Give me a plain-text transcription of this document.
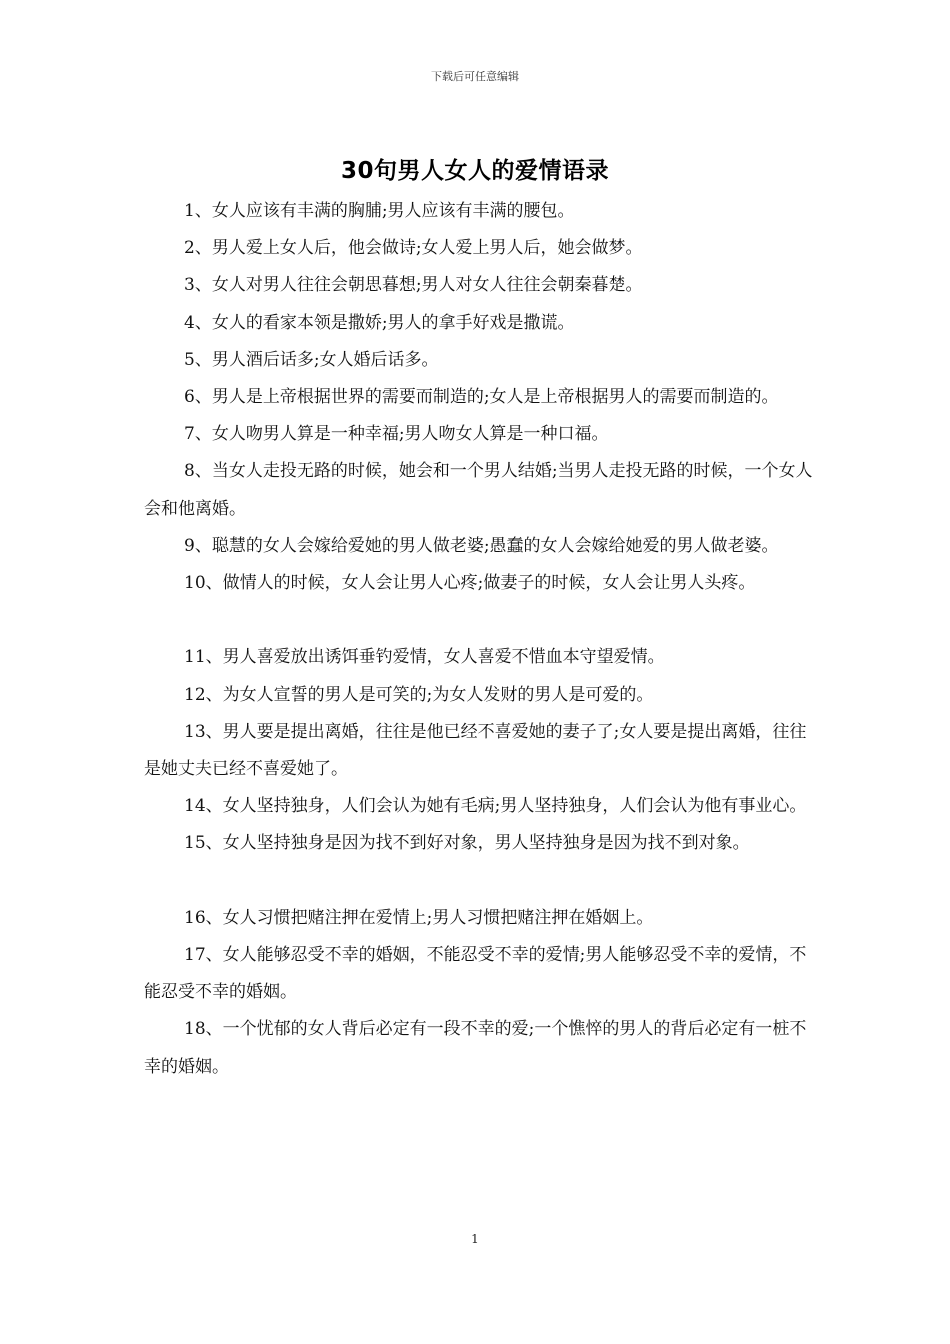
下载后可任意编辑
30句男人女人的爱情语录

1、女人应该有丰满的胸脯;男人应该有丰满的腰包。

2、男人爱上女人后，他会做诗;女人爱上男人后，她会做梦。

3、女人对男人往往会朝思暮想;男人对女人往往会朝秦暮楚。

4、女人的看家本领是撒娇;男人的拿手好戏是撒谎。

5、男人酒后话多;女人婚后话多。

6、男人是上帝根据世界的需要而制造的;女人是上帝根据男人的需要而制造的。

7、女人吻男人算是一种幸福;男人吻女人算是一种口福。

8、当女人走投无路的时候，她会和一个男人结婚;当男人走投无路的时候，一个女人会和他离婚。

9、聪慧的女人会嫁给爱她的男人做老婆;愚蠢的女人会嫁给她爱的男人做老婆。

10、做情人的时候，女人会让男人心疼;做妻子的时候，女人会让男人头疼。

11、男人喜爱放出诱饵垂钓爱情，女人喜爱不惜血本守望爱情。

12、为女人宣誓的男人是可笑的;为女人发财的男人是可爱的。

13、男人要是提出离婚，往往是他已经不喜爱她的妻子了;女人要是提出离婚，往往是她丈夫已经不喜爱她了。

14、女人坚持独身，人们会认为她有毛病;男人坚持独身，人们会认为他有事业心。

15、女人坚持独身是因为找不到好对象，男人坚持独身是因为找不到对象。

16、女人习惯把赌注押在爱情上;男人习惯把赌注押在婚姻上。

17、女人能够忍受不幸的婚姻，不能忍受不幸的爱情;男人能够忍受不幸的爱情，不能忍受不幸的婚姻。

18、一个忧郁的女人背后必定有一段不幸的爱;一个憔悴的男人的背后必定有一桩不幸的婚姻。

1
